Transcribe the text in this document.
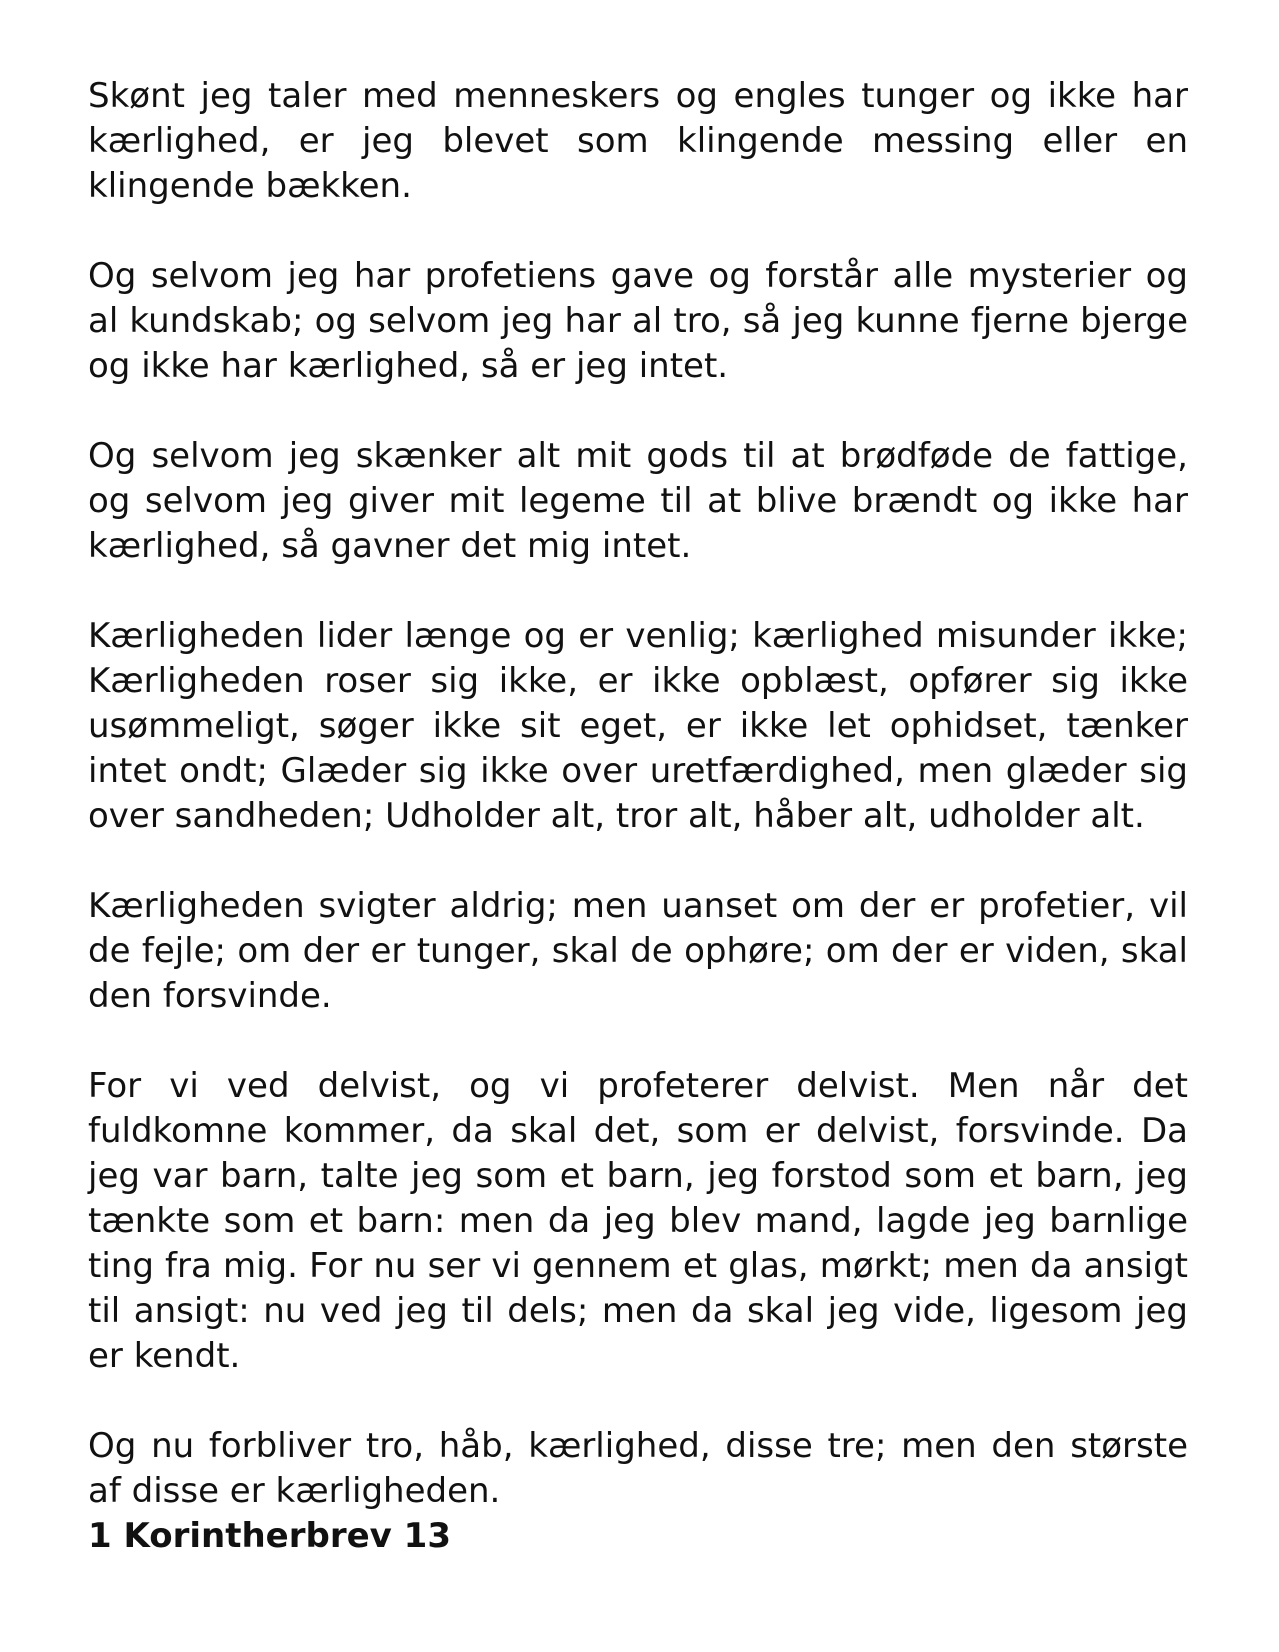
Skønt jeg taler med menneskers og engles tunger og ikke har kærlighed, er jeg blevet som klingende messing eller en klingende bækken.

Og selvom jeg har profetiens gave og forstår alle mysterier og al kundskab; og selvom jeg har al tro, så jeg kunne fjerne bjerge og ikke har kærlighed, så er jeg intet.

Og selvom jeg skænker alt mit gods til at brødføde de fattige, og selvom jeg giver mit legeme til at blive brændt og ikke har kærlighed, så gavner det mig intet.

Kærligheden lider længe og er venlig; kærlighed misunder ikke; Kærligheden roser sig ikke, er ikke opblæst, opfører sig ikke usømmeligt, søger ikke sit eget, er ikke let ophidset, tænker intet ondt; Glæder sig ikke over uretfærdighed, men glæder sig over sandheden; Udholder alt, tror alt, håber alt, udholder alt.

Kærligheden svigter aldrig; men uanset om der er profetier, vil de fejle; om der er tunger, skal de ophøre; om der er viden, skal den forsvinde.

For vi ved delvist, og vi profeterer delvist. Men når det fuldkomne kommer, da skal det, som er delvist, forsvinde. Da jeg var barn, talte jeg som et barn, jeg forstod som et barn, jeg tænkte som et barn: men da jeg blev mand, lagde jeg barnlige ting fra mig. For nu ser vi gennem et glas, mørkt; men da ansigt til ansigt: nu ved jeg til dels; men da skal jeg vide, ligesom jeg er kendt.

Og nu forbliver tro, håb, kærlighed, disse tre; men den største af disse er kærligheden.

1 Korintherbrev 13
